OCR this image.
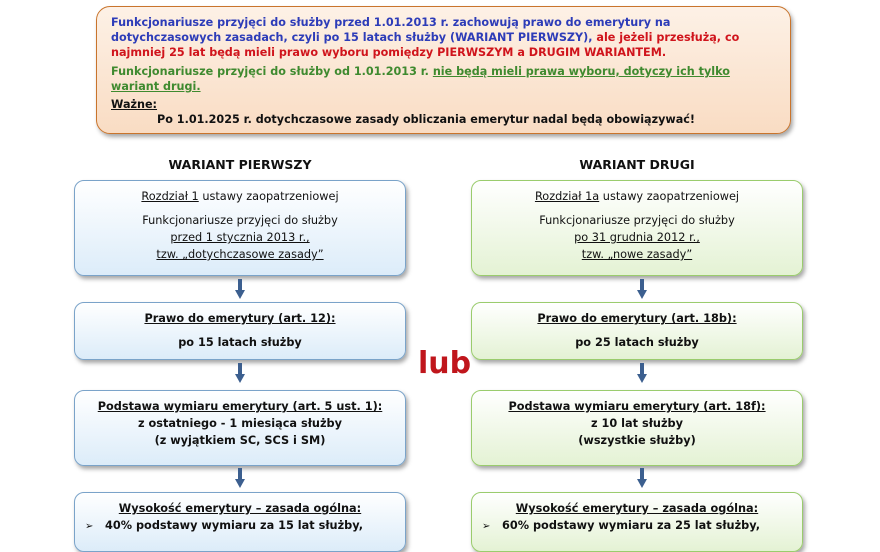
Funkcjonariusze przyjęci do służby przed 1.01.2013 r. zachowują prawo do emerytury na dotychczasowych zasadach, czyli po 15 latach służby (WARIANT PIERWSZY), ale jeżeli przesłużą, co najmniej 25 lat będą mieli prawo wyboru pomiędzy PIERWSZYM a DRUGIM WARIANTEM.

Funkcjonariusze przyjęci do służby od 1.01.2013 r. nie będą mieli prawa wyboru, dotyczy ich tylko wariant drugi.

Ważne:

Po 1.01.2025 r. dotychczasowe zasady obliczania emerytur nadal będą obowiązywać!

WARIANT PIERWSZY	WARIANT DRUGI
Rozdział 1 ustawy zaopatrzeniowej
Funkcjonariusze przyjęci do służby
przed 1 stycznia 2013 r.,
tzw. „dotychczasowe zasady”
Prawo do emerytury (art. 12):
po 15 latach służby
Podstawa wymiaru emerytury (art. 5 ust. 1):
z ostatniego - 1 miesiąca służby
(z wyjątkiem SC, SCS i SM)
Wysokość emerytury – zasada ogólna:
➢ 40% podstawy wymiaru za 15 lat służby,
Rozdział 1a ustawy zaopatrzeniowej
Funkcjonariusze przyjęci do służby
po 31 grudnia 2012 r.,
tzw. „nowe zasady”
Prawo do emerytury (art. 18b):
po 25 latach służby
Podstawa wymiaru emerytury (art. 18f):
z 10 lat służby
(wszystkie służby)
Wysokość emerytury – zasada ogólna:
➢ 60% podstawy wymiaru za 25 lat służby,
lub
